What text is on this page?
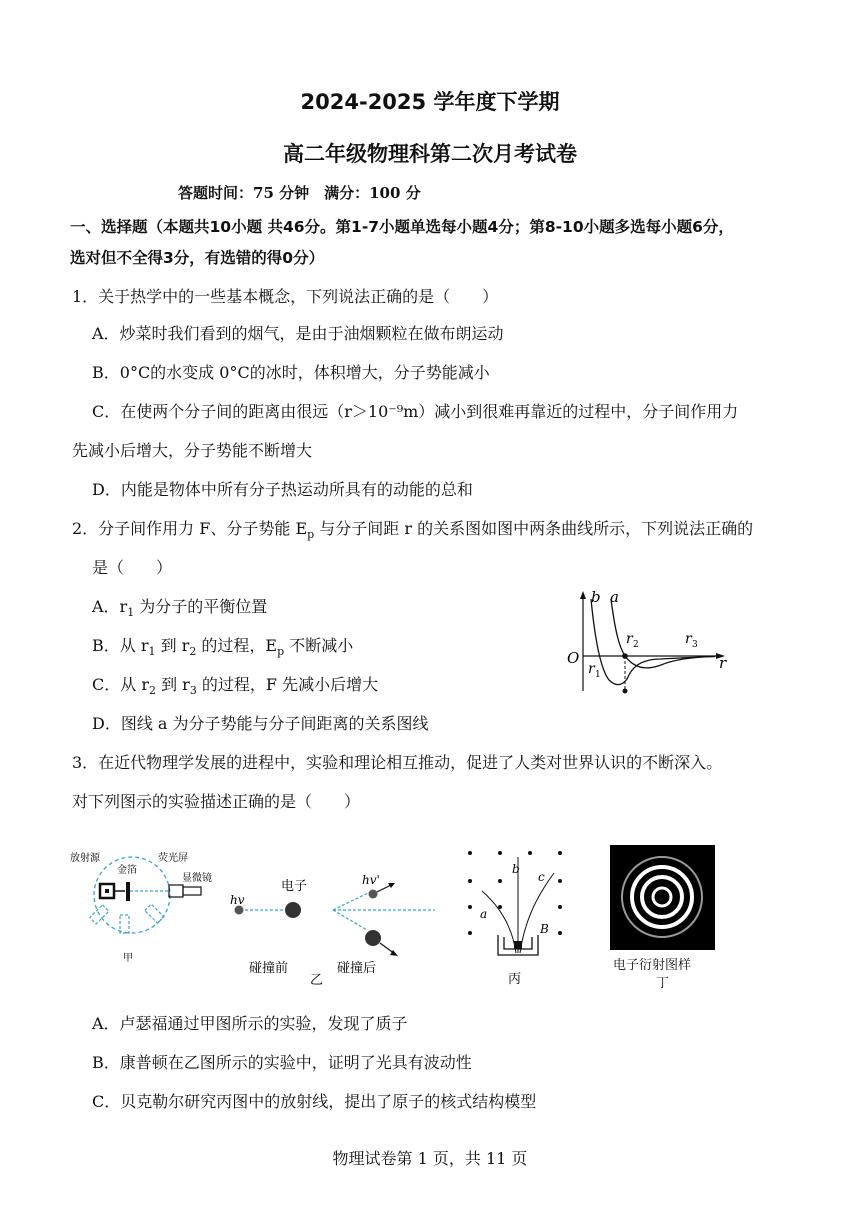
2024-2025 学年度下学期
高二年级物理科第二次月考试卷
答题时间：75 分钟　满分：100 分
一、选择题（本题共10小题 共46分。第1-7小题单选每小题4分；第8-10小题多选每小题6分，
选对但不全得3分，有选错的得0分）
1．关于热学中的一些基本概念，下列说法正确的是（　　）
A．炒菜时我们看到的烟气，是由于油烟颗粒在做布朗运动
B．0°C的水变成 0°C的冰时，体积增大，分子势能减小
C．在使两个分子间的距离由很远（r＞10⁻⁹m）减小到很难再靠近的过程中，分子间作用力
先减小后增大，分子势能不断增大
D．内能是物体中所有分子热运动所具有的动能的总和
2．分子间作用力 F、分子势能 $E_p$ 与分子间距 r 的关系图如图中两条曲线所示，下列说法正确的
是（　　）
A．$r_1$ 为分子的平衡位置
B．从 $r_1$ 到 $r_2$ 的过程，$E_p$ 不断减小
C．从 $r_2$ 到 $r_3$ 的过程，F 先减小后增大
D．图线 a 为分子势能与分子间距离的关系图线
b a
O	r
r 1
r 2	r 3
3．在近代物理学发展的进程中，实验和理论相互推动，促进了人类对世界认识的不断深入。
对下列图示的实验描述正确的是（　　）
放射源
金箔
荧光屏
显微镜
甲
hv
电子	hv'
碰撞前
乙
碰撞后
a
b
c
B
丙
电子衍射图样
丁
A．卢瑟福通过甲图所示的实验，发现了质子
B．康普顿在乙图所示的实验中，证明了光具有波动性
C．贝克勒尔研究丙图中的放射线，提出了原子的核式结构模型
物理试卷第 1 页，共 11 页
